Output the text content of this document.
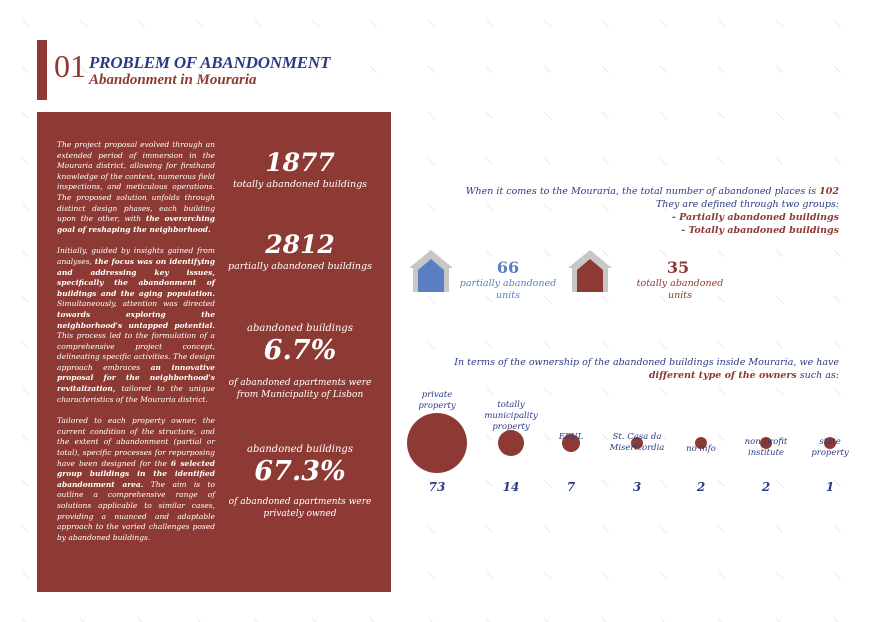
01 PROBLEM OF ABANDONMENT
Abandonment in Mouraria

The project proposal evolved through an extended period of immersion in the Mouraria district, allowing for firsthand knowledge of the context, numerous field inspections, and meticulous operations. The proposed solution unfolds through distinct design phases, each building upon the other, with the overarching goal of reshaping the neighborhood.

Initially, guided by insights gained from analyses, the focus was on identifying and addressing key issues, specifically the abandonment of buildings and the aging population. Simultaneously, attention was directed towards exploring the neighborhood's untapped potential. This process led to the formulation of a comprehensive project concept, delineating specific activities. The design approach embraces an innovative proposal for the neighborhood's revitalization, tailored to the unique characteristics of the Mouraria district.

Tailored to each property owner, the current condition of the structure, and the extent of abandonment (partial or total), specific processes for repurposing have been designed for the 6 selected group buildings in the identified abandonment area. The aim is to outline a comprehensive range of solutions applicable to similar cases, providing a nuanced and adaptable approach to the varied challenges posed by abandoned buildings.

1877
totally abandoned buildings
2812
partially abandoned buildings
abandoned buildings
6.7%
of abandoned apartments were from Municipality of Lisbon
abandoned buildings
67.3%
of abandoned apartments were privately owned
When it comes to the Mouraria, the total number of abandoned places is 102
They are defined through two groups:
- Partially abandoned buildings
- Totally abandoned buildings
66
partially abandoned units
35
totally abandoned units
In terms of the ownership of the abandoned buildings inside Mouraria, we have
different type of the owners such as:
private property
73
totally municipality property
14
EPUL
7
St. Casa da Misericordia
3
no info
2
non-profit institute
2
state property
1
